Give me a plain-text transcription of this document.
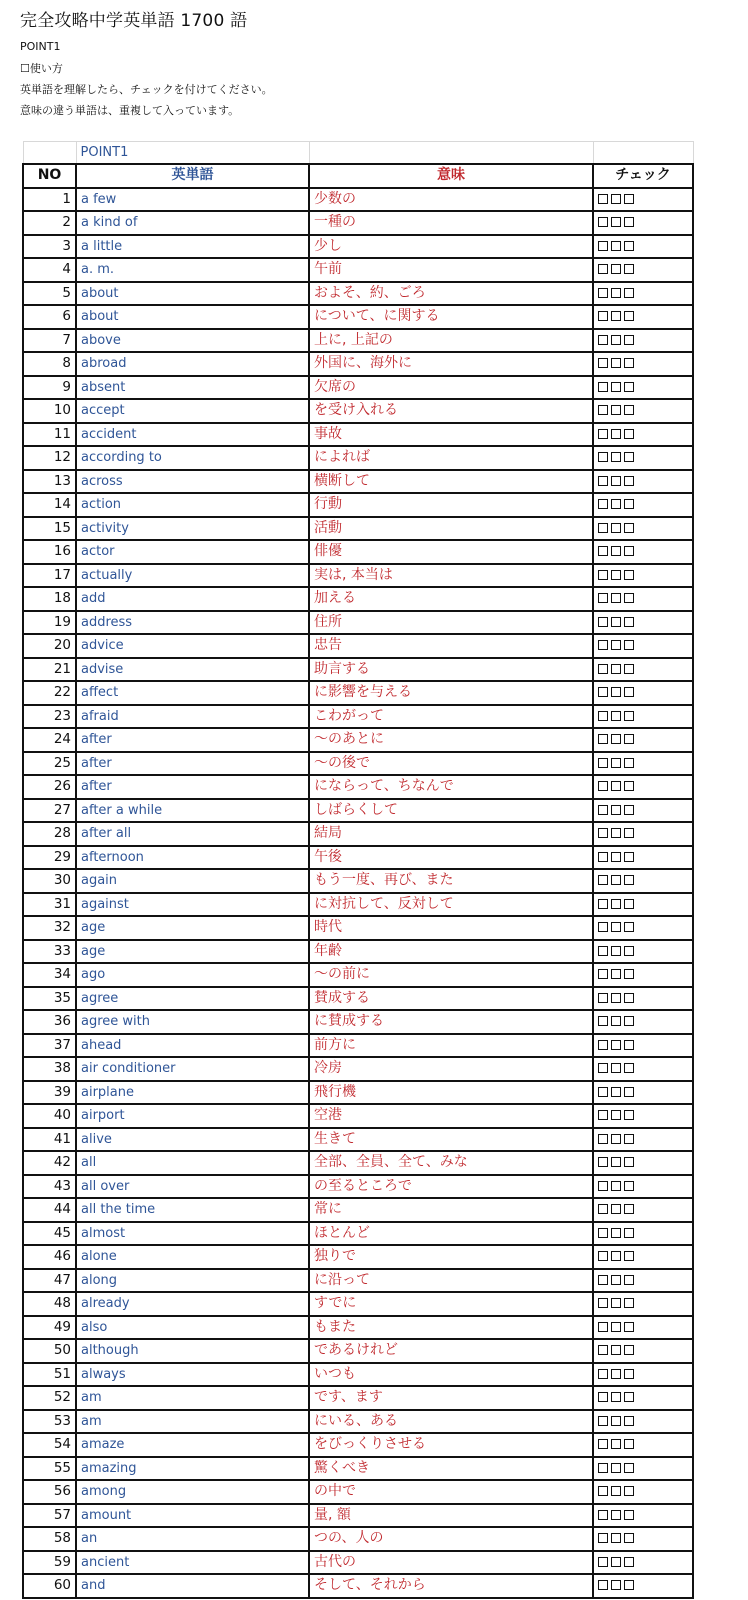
完全攻略中学英単語 1700 語
POINT1
☐使い方
英単語を理解したら、チェックを付けてください。
意味の違う単語は、重複して入っています。
	POINT1		
NO	英単語	意味	チェック
1	a few	少数の	
2	a kind of	一種の	
3	a little	少し	
4	a. m.	午前	
5	about	およそ、約、ごろ	
6	about	について、に関する	
7	above	上に, 上記の	
8	abroad	外国に、海外に	
9	absent	欠席の	
10	accept	を受け入れる	
11	accident	事故	
12	according to	によれば	
13	across	横断して	
14	action	行動	
15	activity	活動	
16	actor	俳優	
17	actually	実は, 本当は	
18	add	加える	
19	address	住所	
20	advice	忠告	
21	advise	助言する	
22	affect	に影響を与える	
23	afraid	こわがって	
24	after	～のあとに	
25	after	～の後で	
26	after	にならって、ちなんで	
27	after a while	しばらくして	
28	after all	結局	
29	afternoon	午後	
30	again	もう一度、再び、また	
31	against	に対抗して、反対して	
32	age	時代	
33	age	年齢	
34	ago	～の前に	
35	agree	賛成する	
36	agree with	に賛成する	
37	ahead	前方に	
38	air conditioner	冷房	
39	airplane	飛行機	
40	airport	空港	
41	alive	生きて	
42	all	全部、全員、全て、みな	
43	all over	の至るところで	
44	all the time	常に	
45	almost	ほとんど	
46	alone	独りで	
47	along	に沿って	
48	already	すでに	
49	also	もまた	
50	although	であるけれど	
51	always	いつも	
52	am	です、ます	
53	am	にいる、ある	
54	amaze	をびっくりさせる	
55	amazing	驚くべき	
56	among	の中で	
57	amount	量, 額	
58	an	つの、人の	
59	ancient	古代の	
60	and	そして、それから	
